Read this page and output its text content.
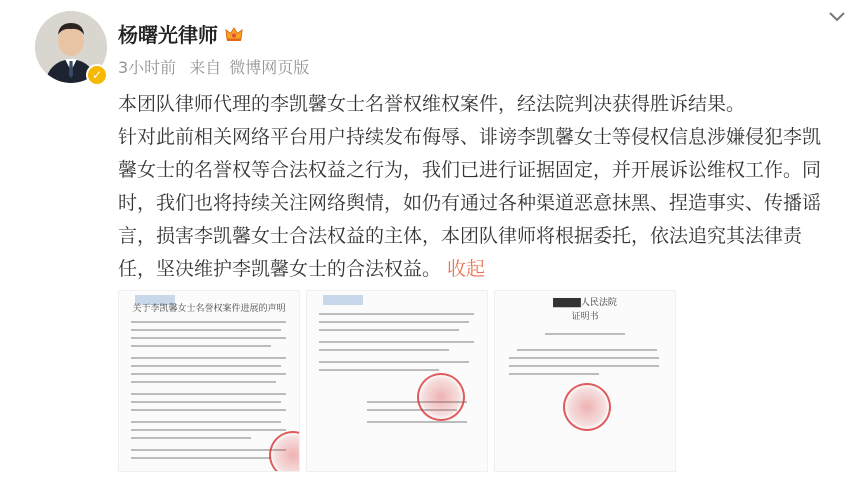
✓
杨曙光律师
3小时前 来自 微博网页版

本团队律师代理的李凯馨女士名誉权维权案件，经法院判决获得胜诉结果。

针对此前相关网络平台用户持续发布侮辱、诽谤李凯馨女士等侵权信息涉嫌侵犯李凯馨女士的名誉权等合法权益之行为，我们已进行证据固定，并开展诉讼维权工作。同时，我们也将持续关注网络舆情，如仍有通过各种渠道恶意抹黑、捏造事实、传播谣言，损害李凯馨女士合法权益的主体，本团队律师将根据委托，依法追究其法律责任，坚决维护李凯馨女士的合法权益。 收起

关于李凯馨女士名誉权案件进展的声明
▇▇▇▇人民法院
证明书
